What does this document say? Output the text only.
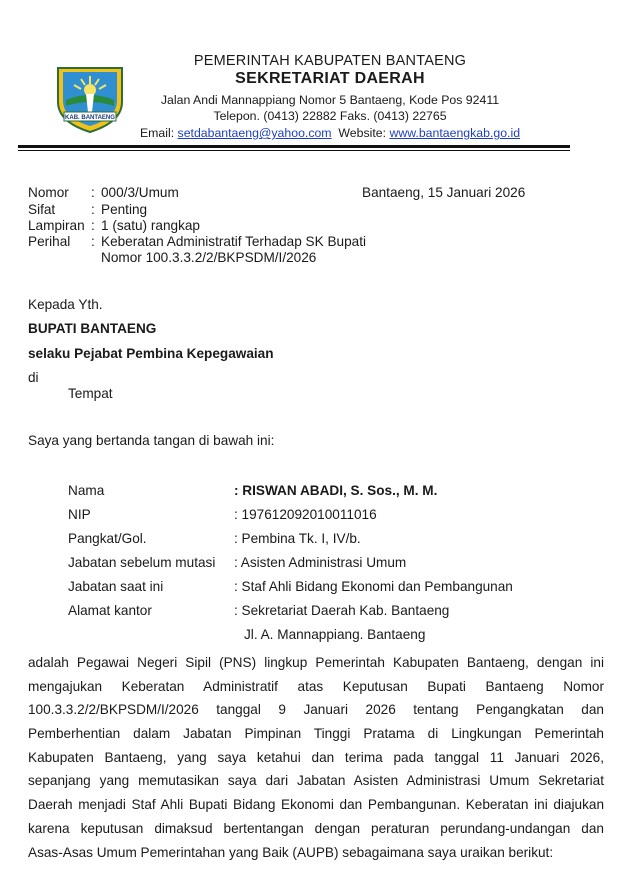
KAB. BANTAENG
PEMERINTAH KABUPATEN BANTAENG
SEKRETARIAT DAERAH
Jalan Andi Mannappiang Nomor 5 Bantaeng, Kode Pos 92411
Telepon. (0413) 22882 Faks. (0413) 22765
Email: setdabantaeng@yahoo.com Website: www.bantaengkab.go.id
Nomor : 000/3/Umum	Bantaeng, 15 Januari 2026
Sifat	: Penting
Lampiran : 1 (satu) rangkap
Perihal : Keberatan Administratif Terhadap SK Bupati
Nomor 100.3.3.2/2/BKPSDM/I/2026
Kepada Yth.
BUPATI BANTAENG
selaku Pejabat Pembina Kepegawaian
di
Tempat
Saya yang bertanda tangan di bawah ini:
Nama	: RISWAN ABADI, S. Sos., M. M.
NIP	: 197612092010011016
Pangkat/Gol.	: Pembina Tk. I, IV/b.
Jabatan sebelum mutasi : Asisten Administrasi Umum
Jabatan saat ini	: Staf Ahli Bidang Ekonomi dan Pembangunan
Alamat kantor	: Sekretariat Daerah Kab. Bantaeng
Jl. A. Mannappiang. Bantaeng
adalah Pegawai Negeri Sipil (PNS) lingkup Pemerintah Kabupaten Bantaeng, dengan ini
mengajukan Keberatan Administratif atas Keputusan Bupati Bantaeng Nomor
100.3.3.2/2/BKPSDM/I/2026 tanggal 9 Januari 2026 tentang Pengangkatan dan
Pemberhentian dalam Jabatan Pimpinan Tinggi Pratama di Lingkungan Pemerintah
Kabupaten Bantaeng, yang saya ketahui dan terima pada tanggal 11 Januari 2026,
sepanjang yang memutasikan saya dari Jabatan Asisten Administrasi Umum Sekretariat
Daerah menjadi Staf Ahli Bupati Bidang Ekonomi dan Pembangunan. Keberatan ini diajukan
karena keputusan dimaksud bertentangan dengan peraturan perundang-undangan dan
Asas-Asas Umum Pemerintahan yang Baik (AUPB) sebagaimana saya uraikan berikut:
